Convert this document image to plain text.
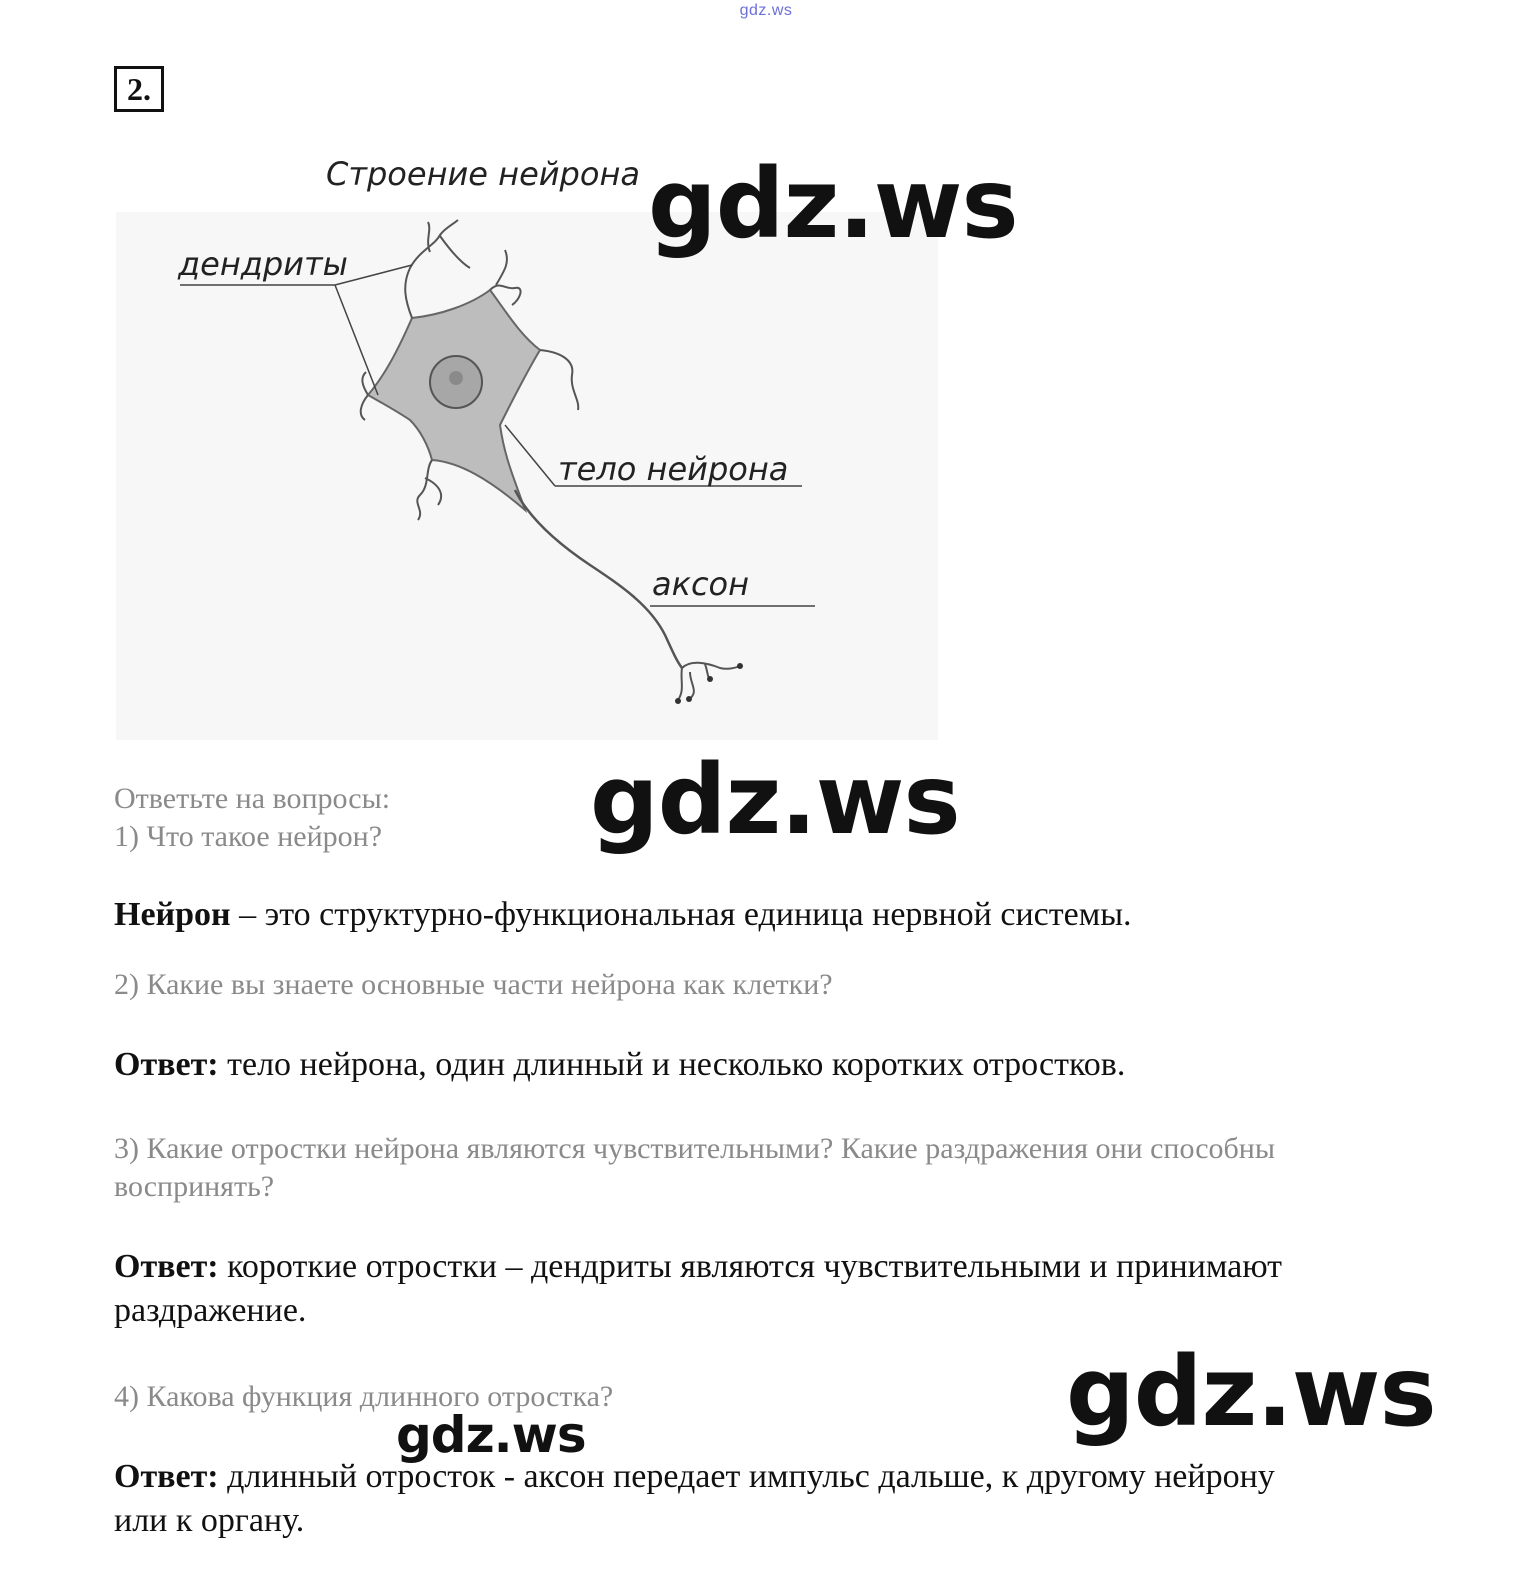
gdz.ws
2.
Строение нейрона
дендриты
тело нейрона
аксон
gdz.ws
gdz.ws
gdz.ws
gdz.ws
Ответьте на вопросы:
1) Что такое нейрон?
Нейрон – это структурно-функциональная единица нервной системы.
2) Какие вы знаете основные части нейрона как клетки?
Ответ: тело нейрона, один длинный и несколько коротких отростков.
3) Какие отростки нейрона являются чувствительными? Какие раздражения они способны воспринять?
Ответ: короткие отростки – дендриты являются чувствительными и принимают раздражение.
4) Какова функция длинного отростка?
Ответ: длинный отросток - аксон передает импульс дальше, к другому нейрону или к органу.
